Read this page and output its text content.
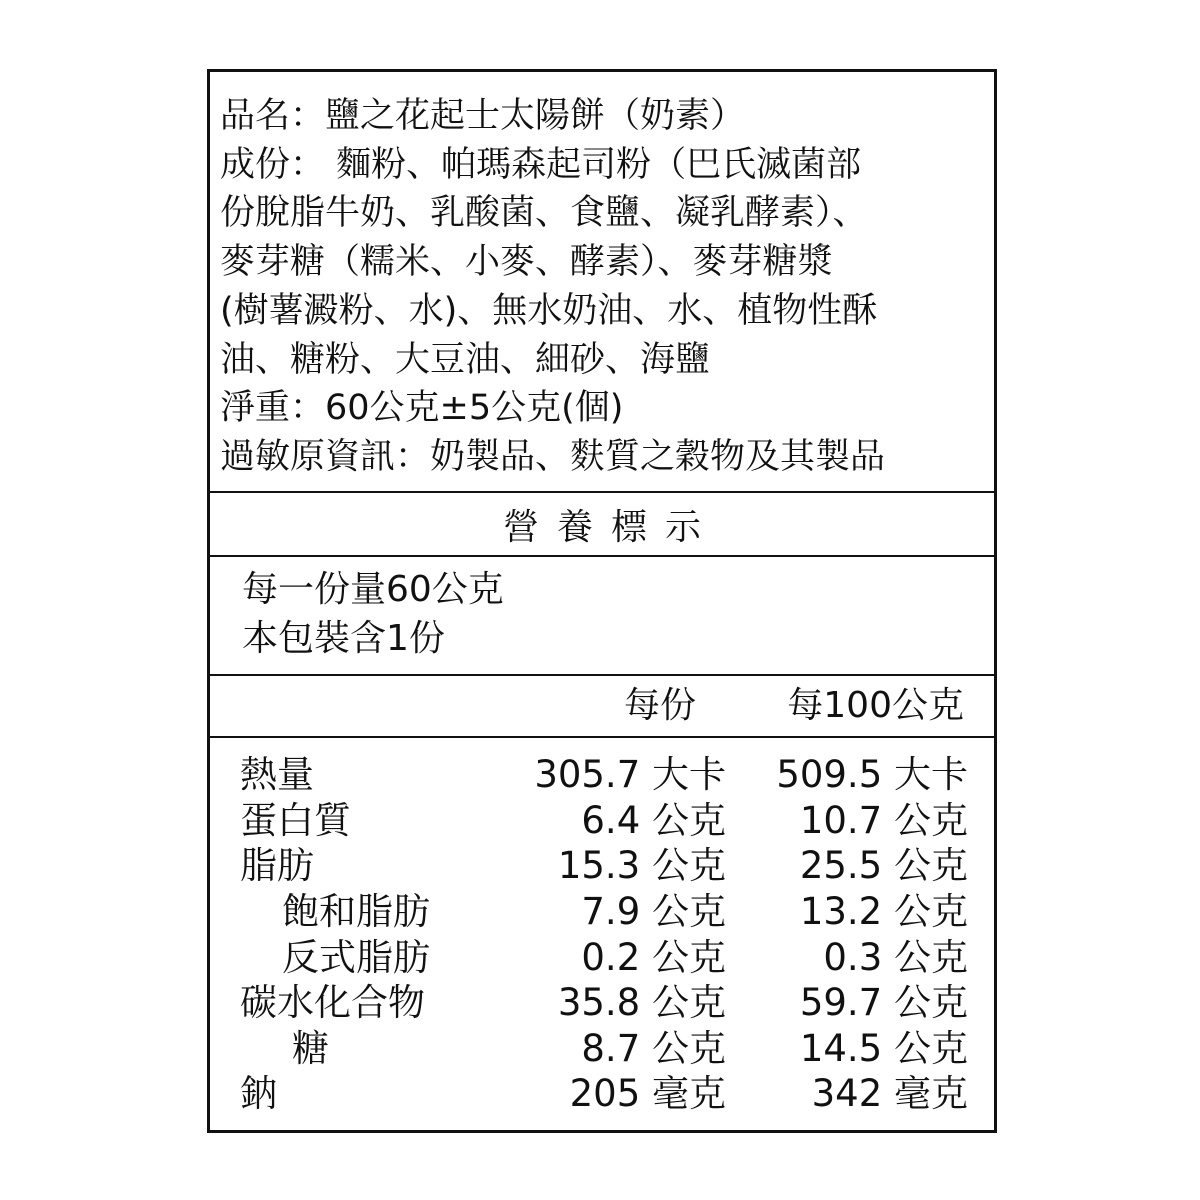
品名：鹽之花起士太陽餅（奶素）
成份： 麵粉、帕瑪森起司粉（巴氏滅菌部
份脫脂牛奶、乳酸菌、食鹽、凝乳酵素）、
麥芽糖（糯米、小麥、酵素）、麥芽糖漿
(樹薯澱粉、水)、無水奶油、水、植物性酥
油、糖粉、大豆油、細砂、海鹽
淨重：60公克±5公克(個)
過敏原資訊：奶製品、麩質之穀物及其製品
營養標示
每一份量60公克
本包裝含1份
每份	每100公克
熱量	305.7 大卡 509.5 大卡
蛋白質	6.4 公克 10.7 公克
脂肪	15.3 公克 25.5 公克
飽和脂肪	7.9 公克 13.2 公克
反式脂肪	0.2 公克	0.3 公克
碳水化合物	35.8 公克 59.7 公克
糖	8.7 公克 14.5 公克
鈉	205 毫克 342 毫克
